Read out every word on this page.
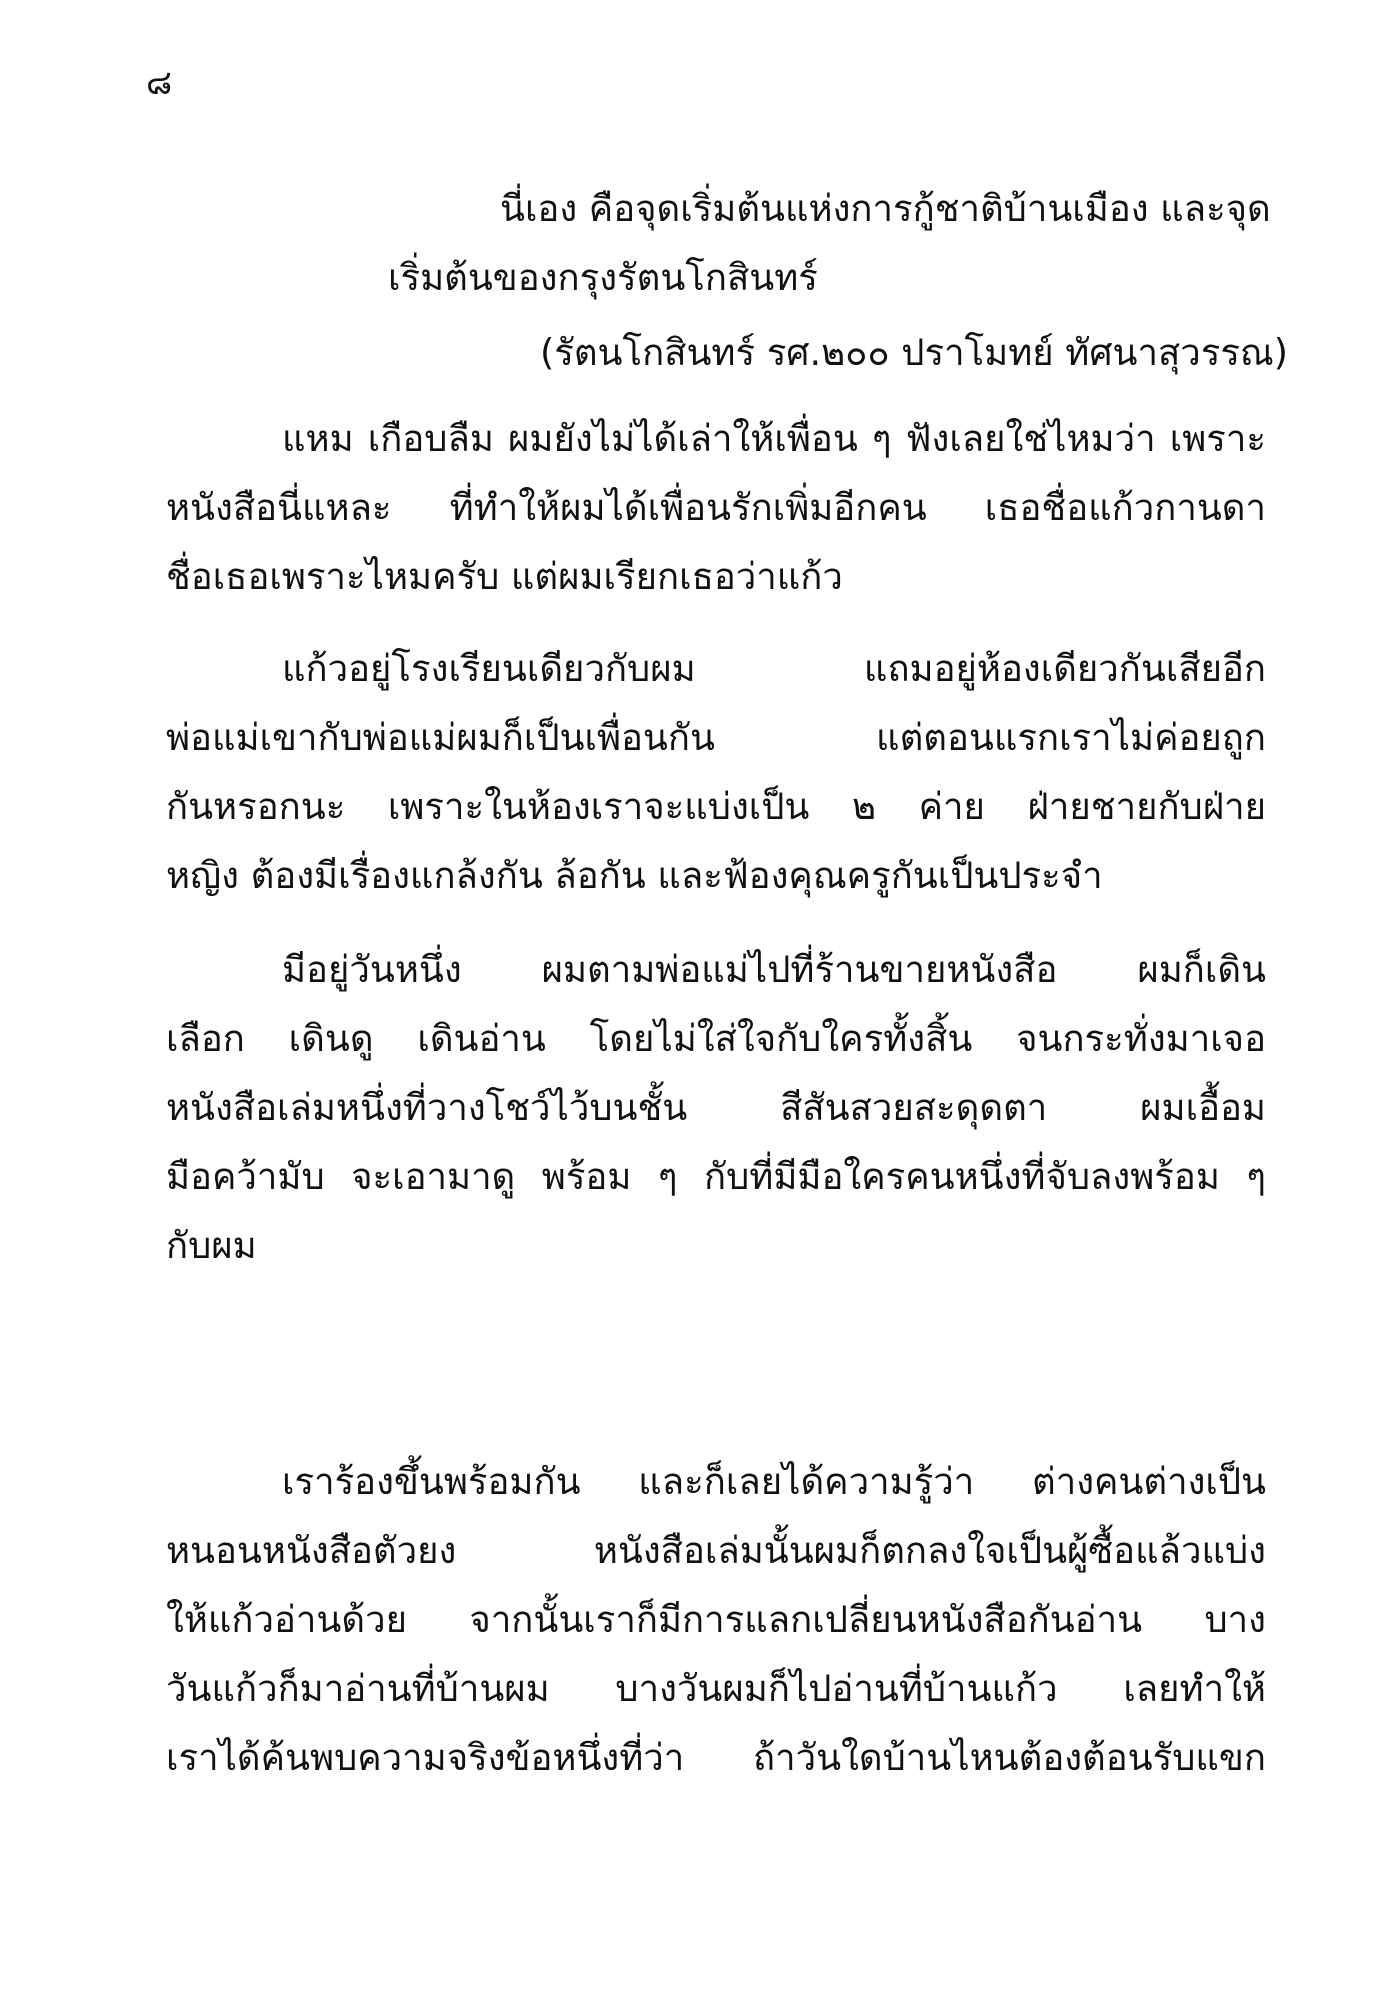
๘
นี่เอง คือจุดเริ่มต้นแห่งการกู้ชาติบ้านเมือง และจุด
เริ่มต้นของกรุงรัตนโกสินทร์
(รัตนโกสินทร์ รศ.๒๐๐ ปราโมทย์ ทัศนาสุวรรณ)
แหม เกือบลืม ผมยังไม่ได้เล่าให้เพื่อน ๆ ฟังเลยใช่ไหมว่า เพราะ
หนังสือนี่แหละ ที่ทำให้ผมได้เพื่อนรักเพิ่มอีกคน เธอชื่อแก้วกานดา
ชื่อเธอเพราะไหมครับ แต่ผมเรียกเธอว่าแก้ว
แก้วอยู่โรงเรียนเดียวกับผม แถมอยู่ห้องเดียวกันเสียอีก
พ่อแม่เขากับพ่อแม่ผมก็เป็นเพื่อนกัน แต่ตอนแรกเราไม่ค่อยถูก
กันหรอกนะ เพราะในห้องเราจะแบ่งเป็น ๒ ค่าย ฝ่ายชายกับฝ่าย
หญิง ต้องมีเรื่องแกล้งกัน ล้อกัน และฟ้องคุณครูกันเป็นประจำ
มีอยู่วันหนึ่ง ผมตามพ่อแม่ไปที่ร้านขายหนังสือ ผมก็เดิน
เลือก เดินดู เดินอ่าน โดยไม่ใส่ใจกับใครทั้งสิ้น จนกระทั่งมาเจอ
หนังสือเล่มหนึ่งที่วางโชว์ไว้บนชั้น สีสันสวยสะดุดตา ผมเอื้อม
มือคว้ามับ จะเอามาดู พร้อม ๆ กับที่มีมือใครคนหนึ่งที่จับลงพร้อม ๆ
กับผม
เราร้องขึ้นพร้อมกัน และก็เลยได้ความรู้ว่า ต่างคนต่างเป็น
หนอนหนังสือตัวยง หนังสือเล่มนั้นผมก็ตกลงใจเป็นผู้ซื้อแล้วแบ่ง
ให้แก้วอ่านด้วย จากนั้นเราก็มีการแลกเปลี่ยนหนังสือกันอ่าน บาง
วันแก้วก็มาอ่านที่บ้านผม บางวันผมก็ไปอ่านที่บ้านแก้ว เลยทำให้
เราได้ค้นพบความจริงข้อหนึ่งที่ว่า ถ้าวันใดบ้านไหนต้องต้อนรับแขก
